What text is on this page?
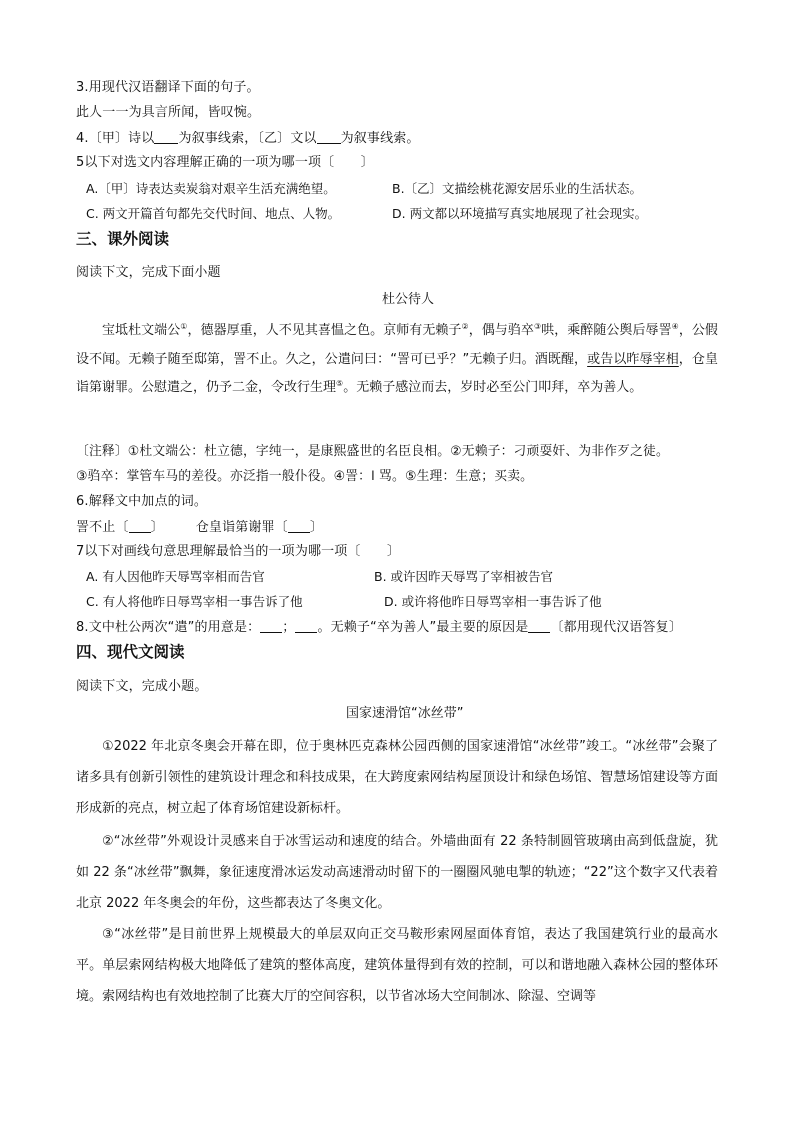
3.用现代汉语翻译下面的句子。
此人一一为具言所闻，皆叹惋。
4.〔甲〕诗以 为叙事线索，〔乙〕文以 为叙事线索。
5以下对选文内容理解正确的一项为哪一项〔　　〕
A.〔甲〕诗表达卖炭翁对艰辛生活充满绝望。	B.〔乙〕文描绘桃花源安居乐业的生活状态。
C. 两文开篇首句都先交代时间、地点、人物。	D. 两文都以环境描写真实地展现了社会现实。
三、课外阅读
阅读下文，完成下面小题
杜公待人
宝坻杜文端公①，德器厚重，人不见其喜愠之色。京师有无赖子②，偶与驺卒③哄，乘醉随公舆后辱詈④，公假设不闻。无赖子随至邸第，詈不止。久之，公遣问曰：“詈可已乎？”无赖子归。酒既醒，或告以昨辱宰相，仓皇诣第谢罪。公慰遣之，仍予二金，令改行生理⑤。无赖子感泣而去，岁时必至公门叩拜，卒为善人。
〔注释〕①杜文端公：杜立德，字纯一，是康熙盛世的名臣良相。②无赖子：刁顽耍奸、为非作歹之徒。
③驺卒：掌管车马的差役。亦泛指一般仆役。④詈：l 骂。⑤生理：生意；买卖。
6.解释文中加点的词。
詈不止〔 〕 仓皇诣第谢罪〔 〕
7以下对画线句意思理解最恰当的一项为哪一项〔　　〕
A. 有人因他昨天辱骂宰相而告官	B. 或许因昨天辱骂了宰相被告官
C. 有人将他昨日辱骂宰相一事告诉了他	D. 或许将他昨日辱骂宰相一事告诉了他
8.文中杜公两次“遣”的用意是： ； 。无赖子“卒为善人”最主要的原因是 〔都用现代汉语答复〕
四、现代文阅读
阅读下文，完成小题。
国家速滑馆“冰丝带”
①2022 年北京冬奥会开幕在即，位于奥林匹克森林公园西侧的国家速滑馆“冰丝带”竣工。“冰丝带”会聚了诸多具有创新引领性的建筑设计理念和科技成果，在大跨度索网结构屋顶设计和绿色场馆、智慧场馆建设等方面形成新的亮点，树立起了体育场馆建设新标杆。
②“冰丝带”外观设计灵感来自于冰雪运动和速度的结合。外墙曲面有 22 条特制圆管玻璃由高到低盘旋，犹如 22 条“冰丝带”飘舞，象征速度滑冰运发动高速滑动时留下的一圈圈风驰电掣的轨迹；“22”这个数字又代表着北京 2022 年冬奥会的年份，这些都表达了冬奥文化。
③“冰丝带”是目前世界上规模最大的单层双向正交马鞍形索网屋面体育馆，表达了我国建筑行业的最高水平。单层索网结构极大地降低了建筑的整体高度，建筑体量得到有效的控制，可以和谐地融入森林公园的整体环境。索网结构也有效地控制了比赛大厅的空间容积，以节省冰场大空间制冰、除湿、空调等
